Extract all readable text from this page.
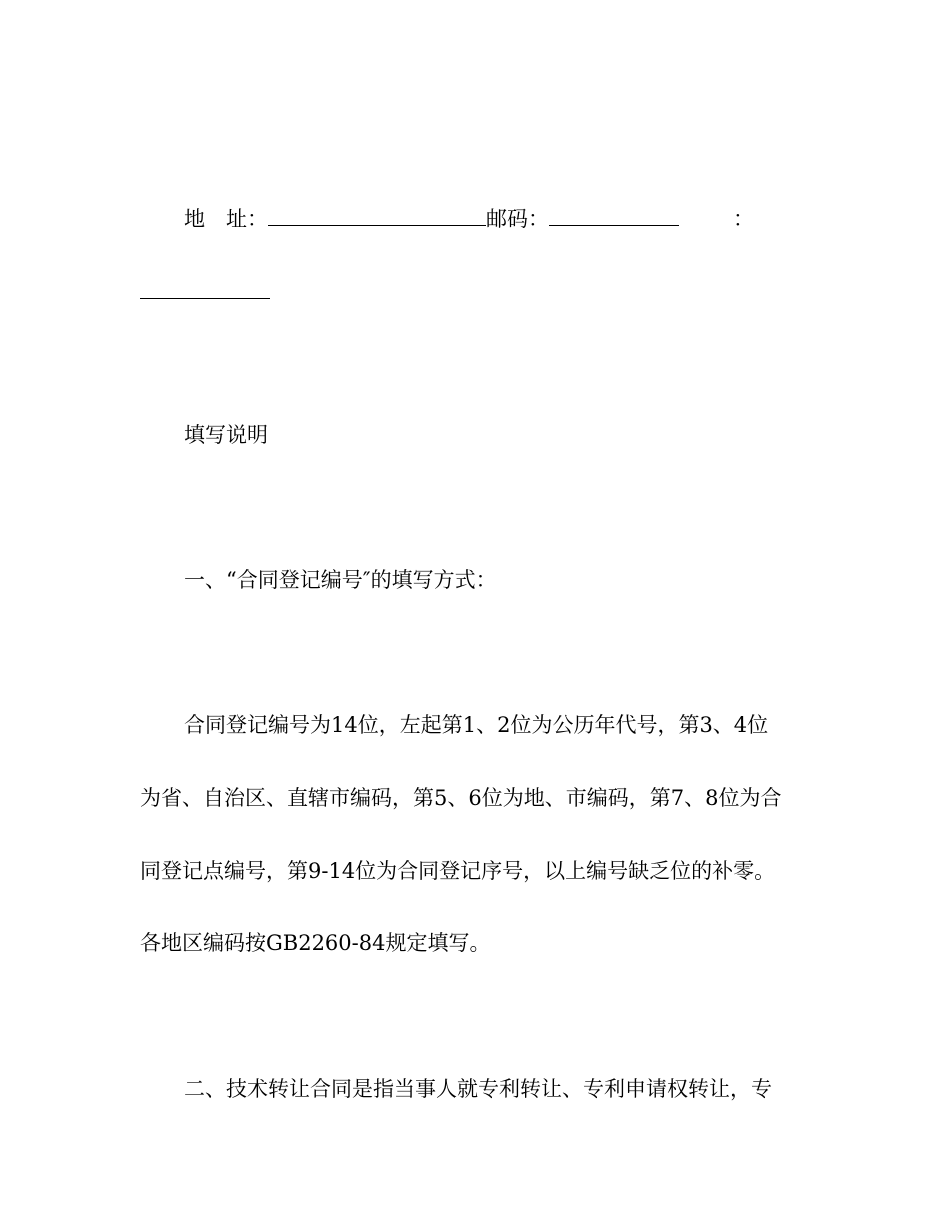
地　址：	邮码：	：
填写说明
一、“合同登记编号″的填写方式：
合同登记编号为14位，左起第1、2位为公历年代号，第3、4位
为省、自治区、直辖市编码，第5、6位为地、市编码，第7、8位为合
同登记点编号，第9-14位为合同登记序号，以上编号缺乏位的补零。
各地区编码按GB2260-84规定填写。
二、技术转让合同是指当事人就专利转让、专利申请权转让，专
